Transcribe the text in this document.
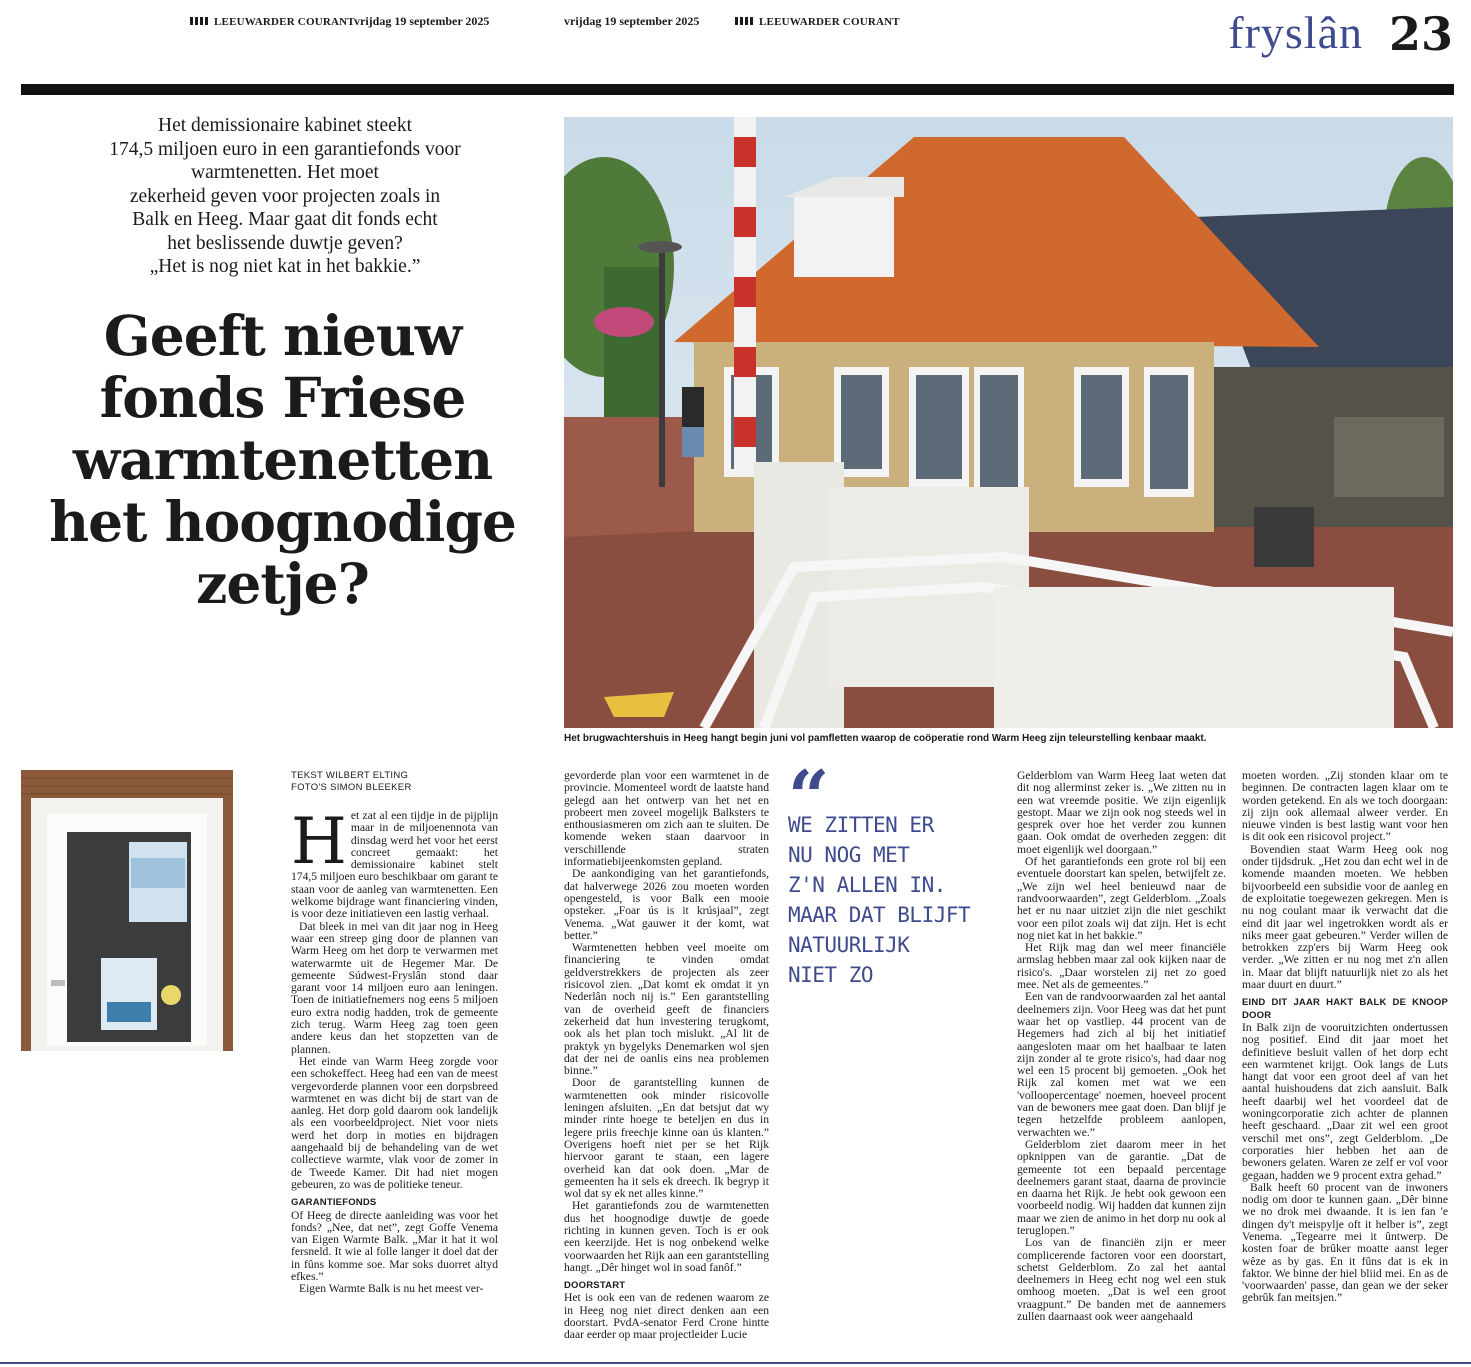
LEEUWARDER COURANT vrijdag 19 september 2025	vrijdag 19 september 2025	LEEUWARDER COURANT	fryslân 23
Het demissionaire kabinet steekt
174,5 miljoen euro in een garantiefonds voor
warmtenetten. Het moet
zekerheid geven voor projecten zoals in
Balk en Heeg. Maar gaat dit fonds echt
het beslissende duwtje geven?
„Het is nog niet kat in het bakkie.”
Geeft nieuw
fonds Friese
warmtenetten
het hoognodige
zetje?
Het brugwachtershuis in Heeg hangt begin juni vol pamfletten waarop de coöperatie rond Warm Heeg zijn teleurstelling kenbaar maakt.
TEKST WILBERT ELTING
FOTO'S SIMON BLEEKER

Het zat al een tijdje in de pijplijn maar in de miljoenennota van dinsdag werd het voor het eerst concreet gemaakt: het demissionaire kabinet stelt 174,5 miljoen euro beschikbaar om garant te staan voor de aanleg van warmtenetten. Een welkome bijdrage want financiering vinden, is voor deze initiatieven een lastig verhaal.

Dat bleek in mei van dit jaar nog in Heeg waar een streep ging door de plannen van Warm Heeg om het dorp te verwarmen met waterwarmte uit de Hegemer Mar. De gemeente Súdwest-Fryslân stond daar garant voor 14 miljoen euro aan leningen. Toen de initiatiefnemers nog eens 5 miljoen euro extra nodig hadden, trok de gemeente zich terug. Warm Heeg zag toen geen andere keus dan het stopzetten van de plannen.

Het einde van Warm Heeg zorgde voor een schokeffect. Heeg had een van de meest vergevorderde plannen voor een dorpsbreed warmtenet en was dicht bij de start van de aanleg. Het dorp gold daarom ook landelijk als een voorbeeldproject. Niet voor niets werd het dorp in moties en bijdragen aangehaald bij de behandeling van de wet collectieve warmte, vlak voor de zomer in de Tweede Kamer. Dit had niet mogen gebeuren, zo was de politieke teneur.

GARANTIEFONDS

Of Heeg de directe aanleiding was voor het fonds? „Nee, dat net”, zegt Goffe Venema van Eigen Warmte Balk. „Mar it hat it wol fersneld. It wie al folle langer it doel dat der in fûns komme soe. Mar soks duorret altyd efkes.”

Eigen Warmte Balk is nu het meest ver-

gevorderde plan voor een warmtenet in de provincie. Momenteel wordt de laatste hand gelegd aan het ontwerp van het net en probeert men zoveel mogelijk Balksters te enthousiasmeren om zich aan te sluiten. De komende weken staan daarvoor in verschillende straten informatiebijeenkomsten gepland.

De aankondiging van het garantiefonds, dat halverwege 2026 zou moeten worden opengesteld, is voor Balk een mooie opsteker. „Foar ús is it krúsjaal”, zegt Venema. „Wat gauwer it der komt, wat better.”

Warmtenetten hebben veel moeite om financiering te vinden omdat geldverstrekkers de projecten als zeer risicovol zien. „Dat komt ek omdat it yn Nederlân noch nij is.” Een garantstelling van de overheid geeft de financiers zekerheid dat hun investering terugkomt, ook als het plan toch mislukt. „Al lit de praktyk yn bygelyks Denemarken wol sjen dat der nei de oanlis eins nea problemen binne.”

Door de garantstelling kunnen de warmtenetten ook minder risicovolle leningen afsluiten. „En dat betsjut dat wy minder rinte hoege te beteljen en dus in legere priis freechje kinne oan ús klanten.” Overigens hoeft niet per se het Rijk hiervoor garant te staan, een lagere overheid kan dat ook doen. „Mar de gemeenten ha it sels ek dreech. Ik begryp it wol dat sy ek net alles kinne.”

Het garantiefonds zou de warmtenetten dus het hoognodige duwtje de goede richting in kunnen geven. Toch is er ook een keerzijde. Het is nog onbekend welke voorwaarden het Rijk aan een garantstelling hangt. „Dêr hinget wol in soad fanôf.”

DOORSTART

Het is ook een van de redenen waarom ze in Heeg nog niet direct denken aan een doorstart. PvdA-senator Ferd Crone hintte daar eerder op maar projectleider Lucie

“
WE ZITTEN ER
NU NOG MET
Z'N ALLEN IN.
MAAR DAT BLIJFT
NATUURLIJK
NIET ZO

Gelderblom van Warm Heeg laat weten dat dit nog allerminst zeker is. „We zitten nu in een wat vreemde positie. We zijn eigenlijk gestopt. Maar we zijn ook nog steeds wel in gesprek over hoe het verder zou kunnen gaan. Ook omdat de overheden zeggen: dit moet eigenlijk wel doorgaan.”

Of het garantiefonds een grote rol bij een eventuele doorstart kan spelen, betwijfelt ze. „We zijn wel heel benieuwd naar de randvoorwaarden”, zegt Gelderblom. „Zoals het er nu naar uitziet zijn die niet geschikt voor een pilot zoals wij dat zijn. Het is echt nog niet kat in het bakkie.”

Het Rijk mag dan wel meer financiële armslag hebben maar zal ook kijken naar de risico's. „Daar worstelen zij net zo goed mee. Net als de gemeentes.”

Een van de randvoorwaarden zal het aantal deelnemers zijn. Voor Heeg was dat het punt waar het op vastliep. 44 procent van de Hegemers had zich al bij het initiatief aangesloten maar om het haalbaar te laten zijn zonder al te grote risico's, had daar nog wel een 15 procent bij gemoeten. „Ook het Rijk zal komen met wat we een 'volloopercentage' noemen, hoeveel procent van de bewoners mee gaat doen. Dan blijf je tegen hetzelfde probleem aanlopen, verwachten we.”

Gelderblom ziet daarom meer in het opknippen van de garantie. „Dat de gemeente tot een bepaald percentage deelnemers garant staat, daarna de provincie en daarna het Rijk. Je hebt ook gewoon een voorbeeld nodig. Wij hadden dat kunnen zijn maar we zien de animo in het dorp nu ook al teruglopen.”

Los van de financiën zijn er meer complicerende factoren voor een doorstart, schetst Gelderblom. Zo zal het aantal deelnemers in Heeg echt nog wel een stuk omhoog moeten. „Dat is wel een groot vraagpunt.” De banden met de aannemers zullen daarnaast ook weer aangehaald

moeten worden. „Zij stonden klaar om te beginnen. De contracten lagen klaar om te worden getekend. En als we toch doorgaan: zij zijn ook allemaal alweer verder. En nieuwe vinden is best lastig want voor hen is dit ook een risicovol project.”

Bovendien staat Warm Heeg ook nog onder tijdsdruk. „Het zou dan echt wel in de komende maanden moeten. We hebben bijvoorbeeld een subsidie voor de aanleg en de exploitatie toegewezen gekregen. Men is nu nog coulant maar ik verwacht dat die eind dit jaar wel ingetrokken wordt als er niks meer gaat gebeuren.” Verder willen de betrokken zzp'ers bij Warm Heeg ook verder. „We zitten er nu nog met z'n allen in. Maar dat blijft natuurlijk niet zo als het maar duurt en duurt.”

EIND DIT JAAR HAKT BALK DE KNOOP DOOR

In Balk zijn de vooruitzichten ondertussen nog positief. Eind dit jaar moet het definitieve besluit vallen of het dorp echt een warmtenet krijgt. Ook langs de Luts hangt dat voor een groot deel af van het aantal huishoudens dat zich aansluit. Balk heeft daarbij wel het voordeel dat de woningcorporatie zich achter de plannen heeft geschaard. „Daar zit wel een groot verschil met ons”, zegt Gelderblom. „De corporaties hier hebben het aan de bewoners gelaten. Waren ze zelf er vol voor gegaan, hadden we 9 procent extra gehad.”

Balk heeft 60 procent van de inwoners nodig om door te kunnen gaan. „Dêr binne we no drok mei dwaande. It is ien fan 'e dingen dy't meispylje oft it helber is”, zegt Venema. „Tegearre mei it ûntwerp. De kosten foar de brûker moatte aanst leger wêze as by gas. En it fûns dat is ek in faktor. We binne der hiel bliid mei. En as de 'voorwaarden' passe, dan gean we der seker gebrûk fan meitsjen.”
